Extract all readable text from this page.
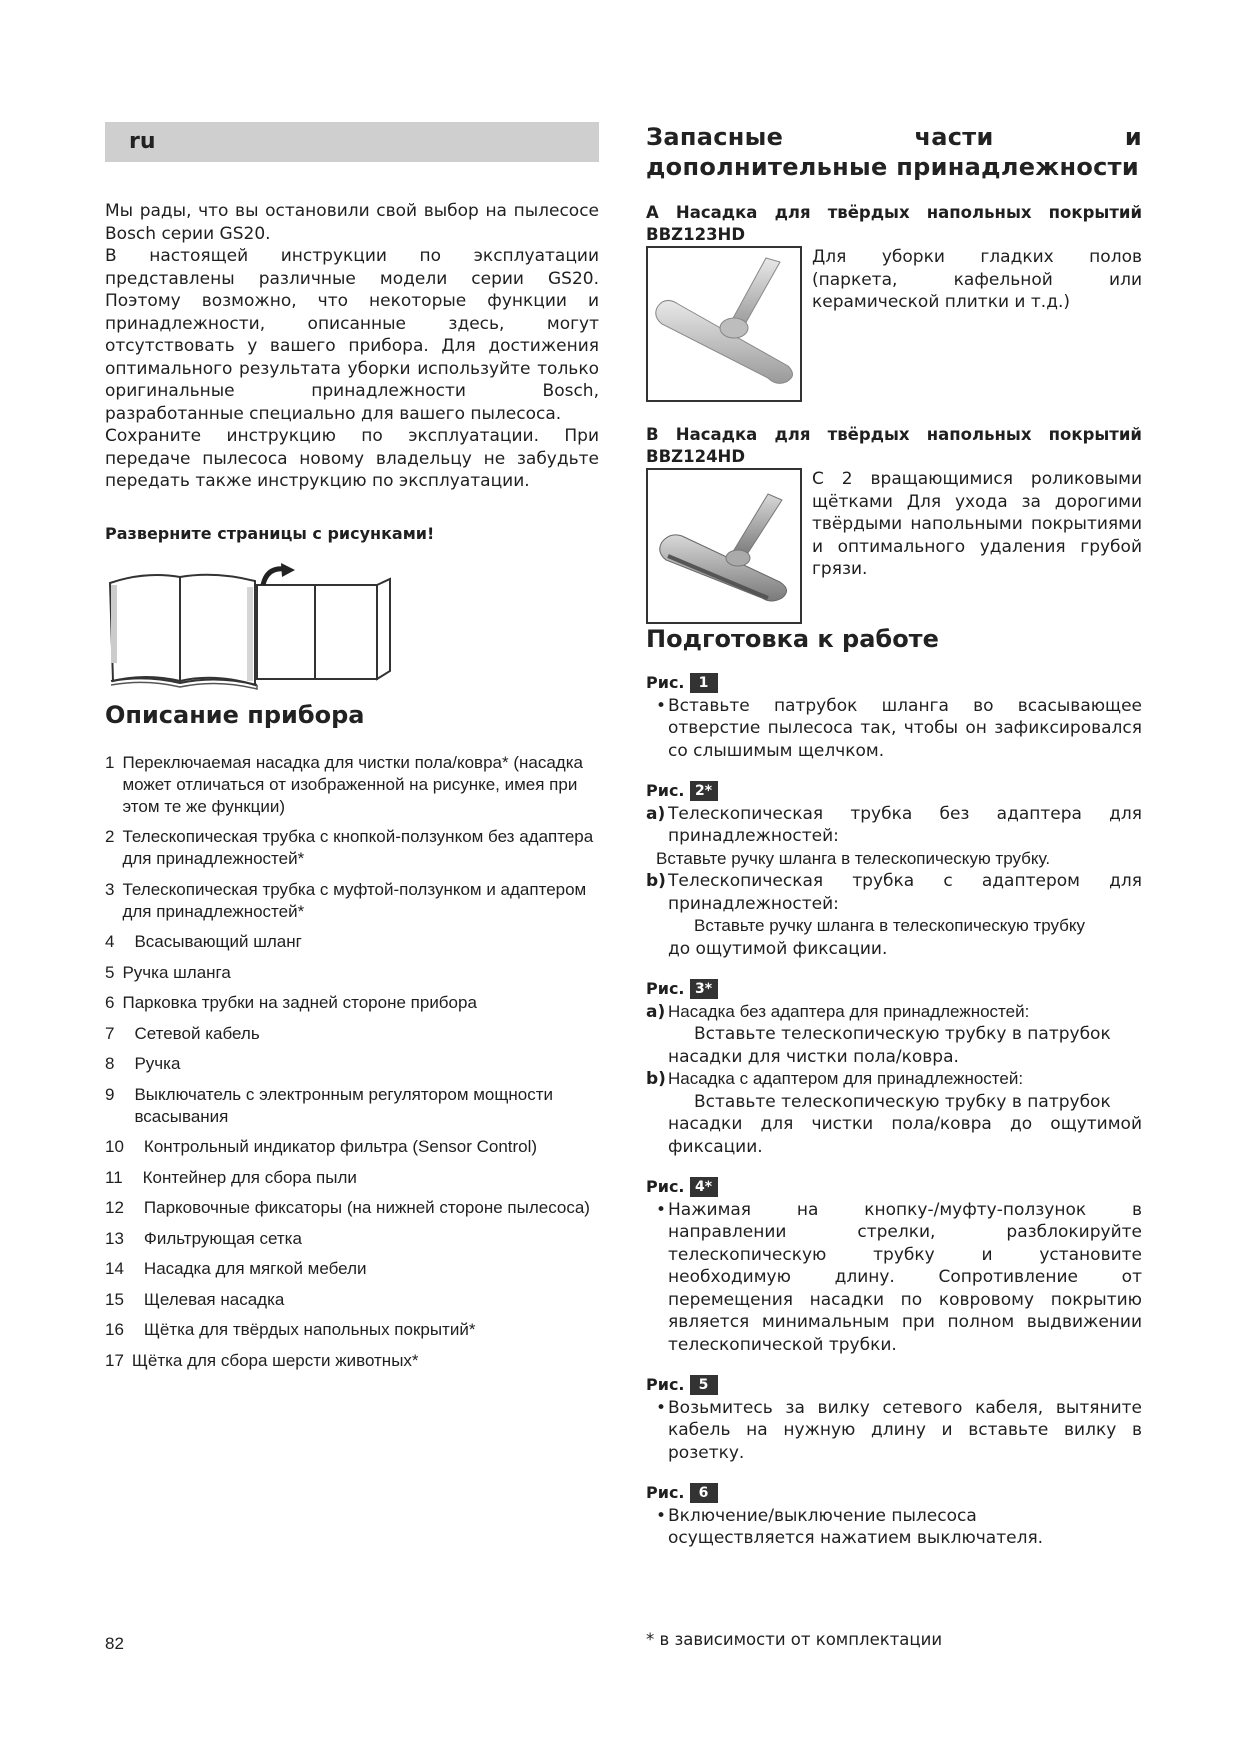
ru

Мы рады, что вы остановили свой выбор на пылесосе Bosch серии GS20.

В настоящей инструкции по эксплуатации представлены различные модели серии GS20. Поэтому возможно, что некоторые функции и принадлежности, описанные здесь, могут отсутствовать у вашего прибора. Для достижения оптимального результата уборки используйте только оригинальные принадлежности Bosch, разработанные специально для вашего пылесоса.

Сохраните инструкцию по эксплуатации. При передаче пылесоса новому владельцу не забудьте передать также инструкцию по эксплуатации.

Разверните страницы с рисунками!
Описание прибора
1 Переключаемая насадка для чистки пола/ковра* (насадка может отличаться от изображенной на рисунке, имея при этом те же функции)
2 Телескопическая трубка с кнопкой-ползунком без адаптера для принадлежностей*
3 Телескопическая трубка с муфтой-ползунком и адаптером для принадлежностей*
4 Всасывающий шланг
5 Ручка шланга
6 Парковка трубки на задней стороне прибора
7 Сетевой кабель
8 Ручка
9 Выключатель с электронным регулятором мощности всасывания
10 Контрольный индикатор фильтра (Sensor Control)
11 Контейнер для сбора пыли
12 Парковочные фиксаторы (на нижней стороне пылесоса)
13 Фильтрующая сетка
14 Насадка для мягкой мебели
15 Щелевая насадка
16 Щётка для твёрдых напольных покрытий*
17 Щётка для сбора шерсти животных*
Запасные части и дополнительные принадлежности
A Насадка для твёрдых напольных покрытий BBZ123HD
Для уборки гладких полов (паркета, кафельной или керамической плитки и т.д.)
B Насадка для твёрдых напольных покрытий BBZ124HD
С 2 вращающимися роликовыми щётками Для ухода за дорогими твёрдыми напольными покрытиями и оптимального удаления грубой грязи.
Подготовка к работе
Рис.	1

• Вставьте патрубок шланга во всасывающее отверстие пылесоса так, чтобы он зафиксировался со слышимым щелчком.

Рис. 2*
a) Телескопическая трубка без адаптера для принадлежностей:
Вставьте ручку шланга в телескопическую трубку.
b) Телескопическая трубка с адаптером для принадлежностей:
Вставьте ручку шланга в телескопическую трубку
до ощутимой фиксации.
Рис. 3*
a) Насадка без адаптера для принадлежностей:
Вставьте телескопическую трубку в патрубок
насадки для чистки пола/ковра.
b) Насадка с адаптером для принадлежностей:
Вставьте телескопическую трубку в патрубок
насадки для чистки пола/ковра до ощутимой фиксации.
Рис. 4*

• Нажимая на кнопку-/муфту-ползунок в направлении стрелки, разблокируйте телескопическую трубку и установите необходимую длину. Сопротивление от перемещения насадки по ковровому покрытию является минимальным при полном выдвижении телескопической трубки.

Рис.	5

• Возьмитесь за вилку сетевого кабеля, вытяните кабель на нужную длину и вставьте вилку в розетку.

Рис.	6

• Включение/выключение пылесоса
осуществляется нажатием выключателя.

82	* в зависимости от комплектации
